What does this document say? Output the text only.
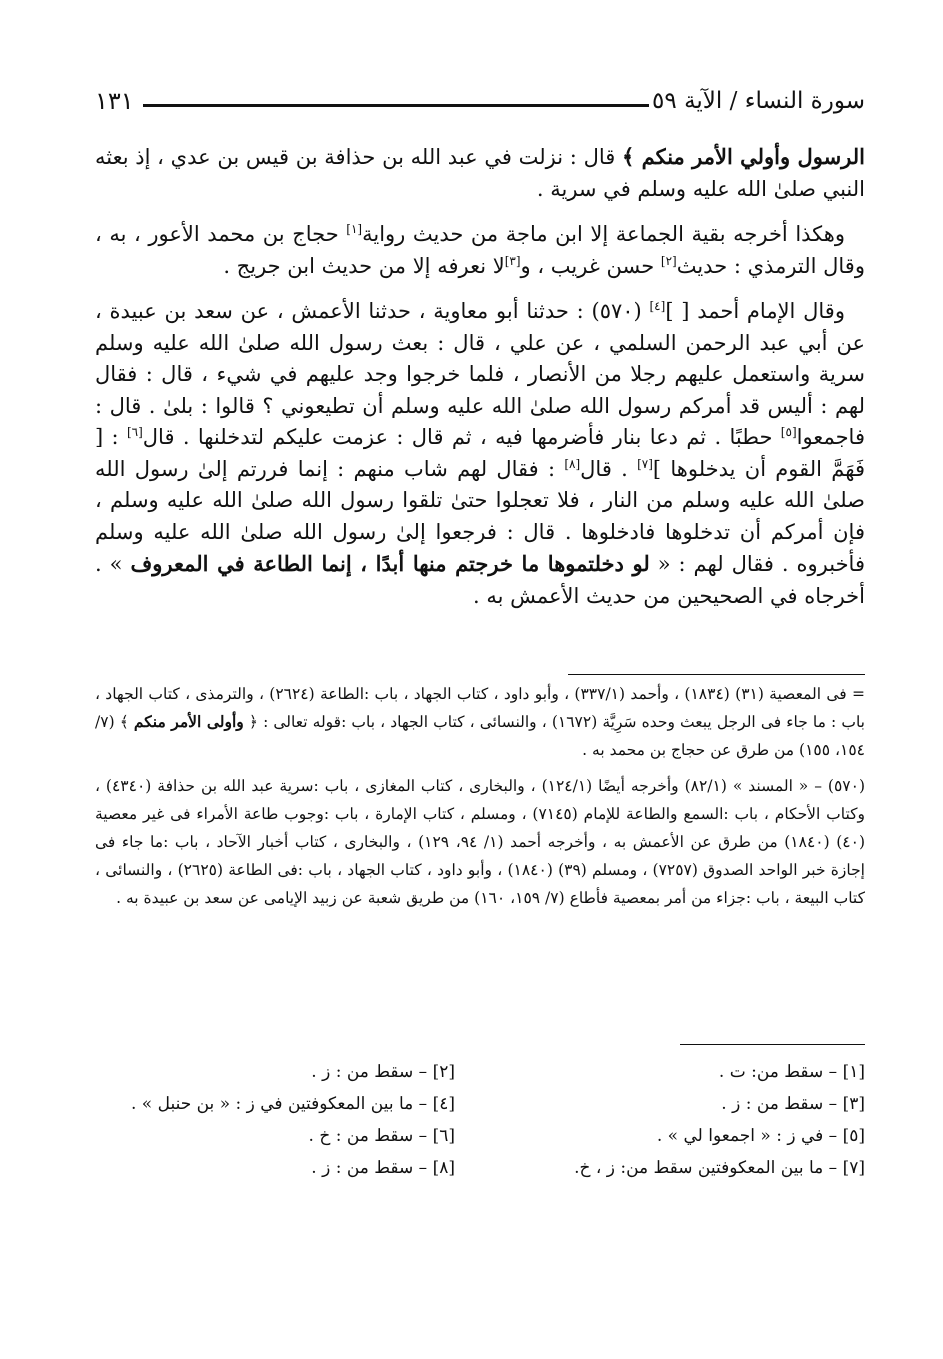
١٣١	سورة النساء / الآية ٥٩

الرسول وأولي الأمر منكم ﴾ قال : نزلت في عبد الله بن حذافة بن قيس بن عدي ، إذ بعثه النبي صلىٰ الله عليه وسلم في سرية .

وهكذا أخرجه بقية الجماعة إلا ابن ماجة من حديث رواية[١] حجاج بن محمد الأعور ، به ، وقال الترمذي : حديث[٢] حسن غريب ، و[٣]لا نعرفه إلا من حديث ابن جريج .

وقال الإمام أحمد [ ][٤] (٥٧٠) : حدثنا أبو معاوية ، حدثنا الأعمش ، عن سعد بن عبيدة ، عن أبي عبد الرحمن السلمي ، عن علي ، قال : بعث رسول الله صلىٰ الله عليه وسلم سرية واستعمل عليهم رجلا من الأنصار ، فلما خرجوا وجد عليهم في شيء ، قال : فقال لهم : أليس قد أمركم رسول الله صلىٰ الله عليه وسلم أن تطيعوني ؟ قالوا : بلىٰ . قال : فاجمعوا[٥] حطبًا . ثم دعا بنار فأضرمها فيه ، ثم قال : عزمت عليكم لتدخلنها . قال[٦] : [ فَهَمَّ القوم أن يدخلوها ][٧] . قال[٨] : فقال لهم شاب منهم : إنما فررتم إلىٰ رسول الله صلىٰ الله عليه وسلم من النار ، فلا تعجلوا حتىٰ تلقوا رسول الله صلىٰ الله عليه وسلم ، فإن أمركم أن تدخلوها فادخلوها . قال : فرجعوا إلىٰ رسول الله صلىٰ الله عليه وسلم فأخبروه . فقال لهم : « لو دخلتموها ما خرجتم منها أبدًا ، إنما الطاعة في المعروف » . أخرجاه في الصحيحين من حديث الأعمش به .

= فى المعصية (٣١) (١٨٣٤) ، وأحمد (٣٣٧/١) ، وأبو داود ، كتاب الجهاد ، باب :الطاعة (٢٦٢٤) ، والترمذى ، كتاب الجهاد ، باب : ما جاء فى الرجل يبعث وحده سَرِيَّة (١٦٧٢) ، والنسائى ، كتاب الجهاد ، باب :قوله تعالى : ﴿ وأولى الأمر منكم ﴾ (٧/ ١٥٤، ١٥٥) من طرق عن حجاج بن محمد به .

(٥٧٠) – « المسند » (٨٢/١) وأخرجه أيضًا (١٢٤/١) ، والبخارى ، كتاب المغازى ، باب :سرية عبد الله بن حذافة (٤٣٤٠) ، وكتاب الأحكام ، باب :السمع والطاعة للإمام (٧١٤٥) ، ومسلم ، كتاب الإمارة ، باب :وجوب طاعة الأمراء فى غير معصية (٤٠) (١٨٤٠) من طرق عن الأعمش به ، وأخرجه أحمد (١/ ٩٤، ١٢٩) ، والبخارى ، كتاب أخبار الآحاد ، باب :ما جاء فى إجازة خبر الواحد الصدوق (٧٢٥٧) ، ومسلم (٣٩) (١٨٤٠) ، وأبو داود ، كتاب الجهاد ، باب :فى الطاعة (٢٦٢٥) ، والنسائى ، كتاب البيعة ، باب :جزاء من أمر بمعصية فأطاع (٧/ ١٥٩، ١٦٠) من طريق شعبة عن زبيد الإيامى عن سعد بن عبيدة به .

[١] – سقط من: ت .
[٣] – سقط من : ز .
[٥] – في ز : « اجمعوا لي » .
[٧] – ما بين المعكوفتين سقط من: ز ، خ.
[٢] – سقط من : ز .
[٤] – ما بين المعكوفتين في ز : « بن حنبل » .
[٦] – سقط من : خ .
[٨] – سقط من : ز .
